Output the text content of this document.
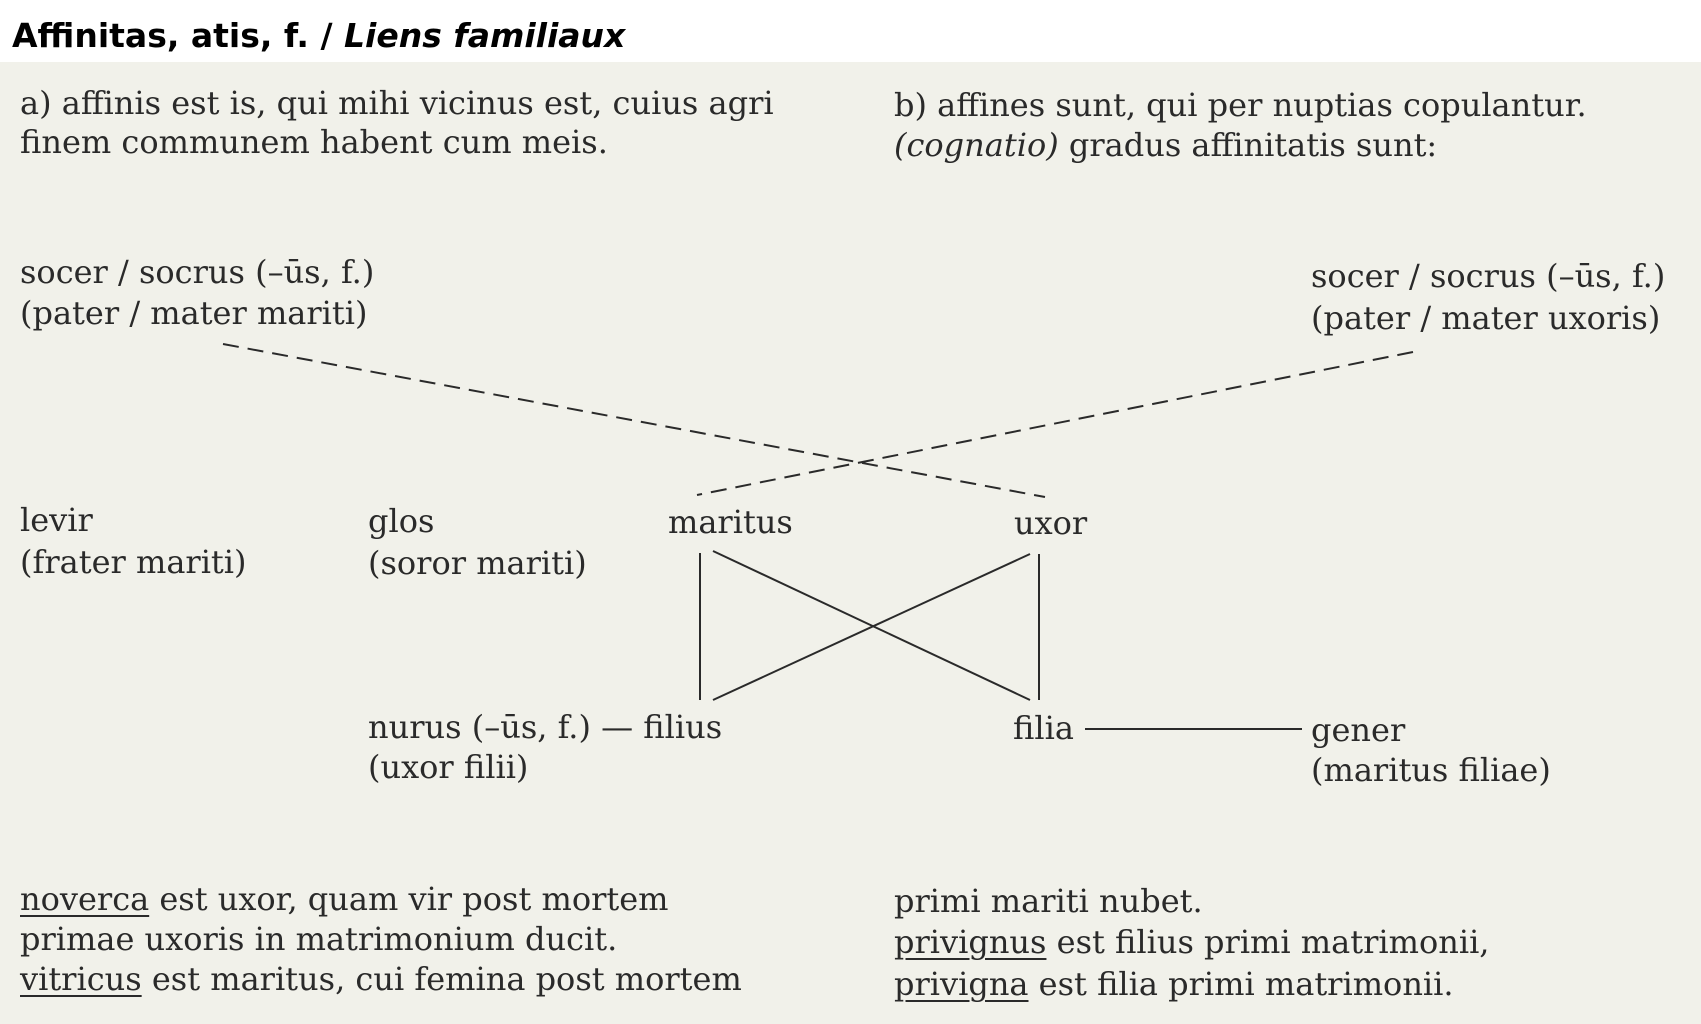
Affinitas, atis, f. / Liens familiaux

a) affinis est is, qui mihi vicinus est, cuius agri

finem communem habent cum meis.

b) affines sunt, qui per nuptias copulantur.

(cognatio) gradus affinitatis sunt:

socer / socrus (–ūs, f.)

(pater / mater mariti)

socer / socrus (–ūs, f.)

(pater / mater uxoris)

levir

(frater mariti)

glos

(soror mariti)

maritus	uxor

nurus (–ūs, f.) — filius

(uxor filii)

filia	gener

(maritus filiae)

noverca est uxor, quam vir post mortem

primae uxoris in matrimonium ducit.

vitricus est maritus, cui femina post mortem

primi mariti nubet.

privignus est filius primi matrimonii,

privigna est filia primi matrimonii.
